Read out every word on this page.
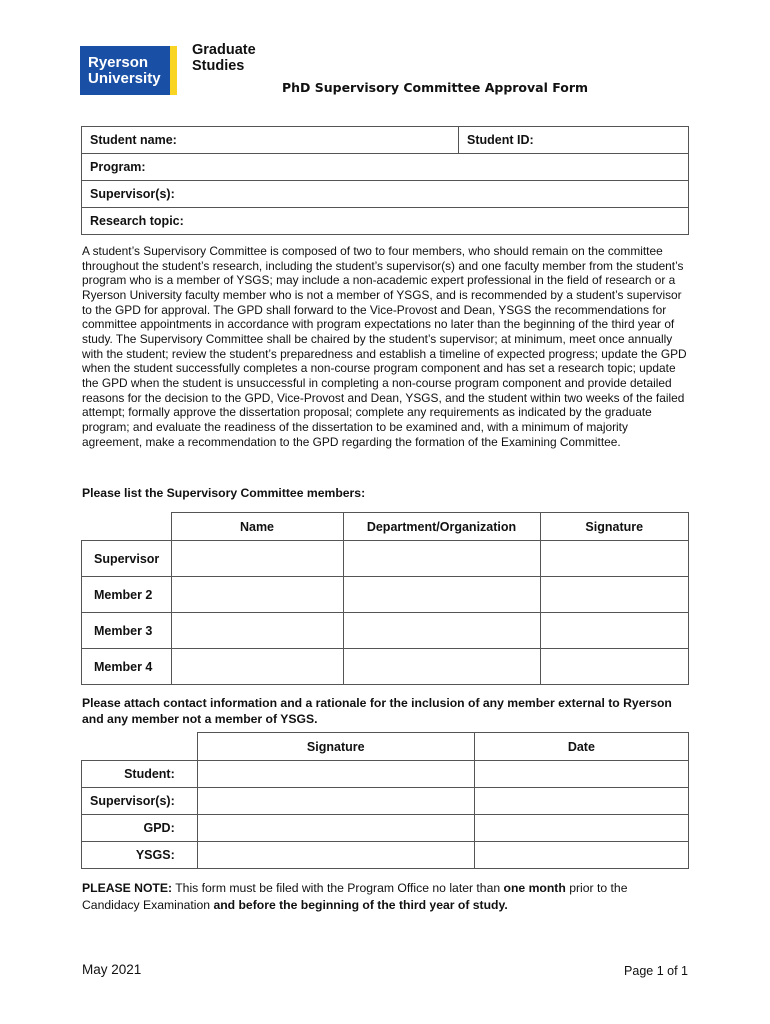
Ryerson
University
Graduate
Studies
PhD Supervisory Committee Approval Form
Student name:	Student ID:
Program:
Supervisor(s):
Research topic:
A student’s Supervisory Committee is composed of two to four members, who should remain on the committee throughout the student’s research, including the student’s supervisor(s) and one faculty member from the student’s program who is a member of YSGS; may include a non-academic expert professional in the field of research or a Ryerson University faculty member who is not a member of YSGS, and is recommended by a student’s supervisor to the GPD for approval. The GPD shall forward to the Vice-Provost and Dean, YSGS the recommendations for committee appointments in accordance with program expectations no later than the beginning of the third year of study. The Supervisory Committee shall be chaired by the student’s supervisor; at minimum, meet once annually with the student; review the student’s preparedness and establish a timeline of expected progress; update the GPD when the student successfully completes a non-course program component and has set a research topic; update the GPD when the student is unsuccessful in completing a non-course program component and provide detailed reasons for the decision to the GPD, Vice-Provost and Dean, YSGS, and the student within two weeks of the failed attempt; formally approve the dissertation proposal; complete any requirements as indicated by the graduate program; and evaluate the readiness of the dissertation to be examined and, with a minimum of majority agreement, make a recommendation to the GPD regarding the formation of the Examining Committee.
Please list the Supervisory Committee members:
	Name	Department/Organization	Signature
Supervisor			
Member 2			
Member 3			
Member 4			
Please attach contact information and a rationale for the inclusion of any member external to Ryerson and any member not a member of YSGS.
	Signature	Date
Student:		
Supervisor(s):		
GPD:		
YSGS:		
PLEASE NOTE: This form must be filed with the Program Office no later than one month prior to the Candidacy Examination and before the beginning of the third year of study.
May 2021	Page 1 of 1
